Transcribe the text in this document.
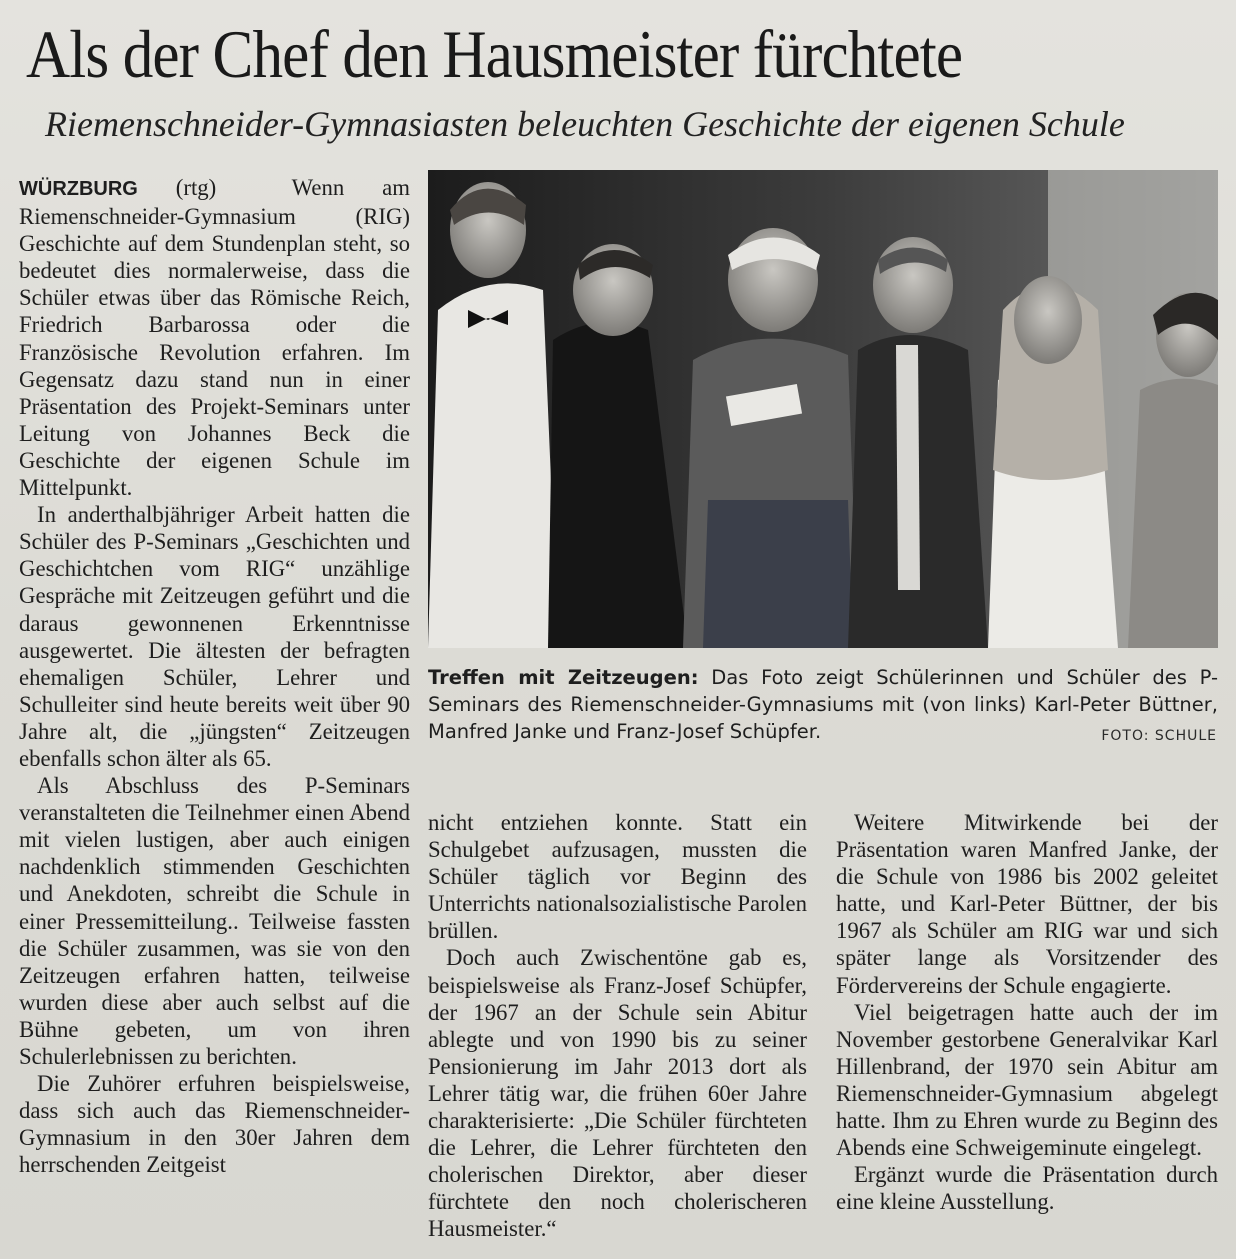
Als der Chef den Hausmeister fürchtete
Riemenschneider-Gymnasiasten beleuchten Geschichte der eigenen Schule

WÜRZBURG (rtg)	Wenn am Riemenschneider-Gymnasium (RIG) Geschichte auf dem Stundenplan steht, so bedeutet dies normalerweise, dass die Schüler etwas über das Römische Reich, Friedrich Barbarossa oder die Französische Revolution erfahren. Im Gegensatz dazu stand nun in einer Präsentation des Projekt-Seminars unter Leitung von Johannes Beck die Geschichte der eigenen Schule im Mittelpunkt.

In anderthalbjähriger Arbeit hatten die Schüler des P-Seminars „Geschichten und Geschichtchen vom RIG“ unzählige Gespräche mit Zeitzeugen geführt und die daraus gewonnenen Erkenntnisse ausgewertet. Die ältesten der befragten ehemaligen Schüler, Lehrer und Schulleiter sind heute bereits weit über 90 Jahre alt, die „jüngsten“ Zeitzeugen ebenfalls schon älter als 65.

Als Abschluss des P-Seminars veranstalteten die Teilnehmer einen Abend mit vielen lustigen, aber auch einigen nachdenklich stimmenden Geschichten und Anekdoten, schreibt die Schule in einer Pressemitteilung.. Teilweise fassten die Schüler zusammen, was sie von den Zeitzeugen erfahren hatten, teilweise wurden diese aber auch selbst auf die Bühne gebeten, um von ihren Schulerlebnissen zu berichten.

Die Zuhörer erfuhren beispielsweise, dass sich auch das Riemenschneider-Gymnasium in den 30er Jahren dem herrschenden Zeitgeist

Treffen mit Zeitzeugen: Das Foto zeigt Schülerinnen und Schüler des P-Seminars des Riemenschneider-Gymnasiums mit (von links) Karl-Peter Büttner, Manfred Janke und Franz-Josef Schüpfer.	FOTO: SCHULE

nicht entziehen konnte. Statt ein Schulgebet aufzusagen, mussten die Schüler täglich vor Beginn des Unterrichts nationalsozialistische Parolen brüllen.

Doch auch Zwischentöne gab es, beispielsweise als Franz-Josef Schüpfer, der 1967 an der Schule sein Abitur ablegte und von 1990 bis zu seiner Pensionierung im Jahr 2013 dort als Lehrer tätig war, die frühen 60er Jahre charakterisierte: „Die Schüler fürchteten die Lehrer, die Lehrer fürchteten den cholerischen Direktor, aber dieser fürchtete den noch cholerischeren Hausmeister.“

Weitere Mitwirkende bei der Präsentation waren Manfred Janke, der die Schule von 1986 bis 2002 geleitet hatte, und Karl-Peter Büttner, der bis 1967 als Schüler am RIG war und sich später lange als Vorsitzender des Fördervereins der Schule engagierte.

Viel beigetragen hatte auch der im November gestorbene Generalvikar Karl Hillenbrand, der 1970 sein Abitur am Riemenschneider-Gymnasium abgelegt hatte. Ihm zu Ehren wurde zu Beginn des Abends eine Schweigeminute eingelegt.

Ergänzt wurde die Präsentation durch eine kleine Ausstellung.
